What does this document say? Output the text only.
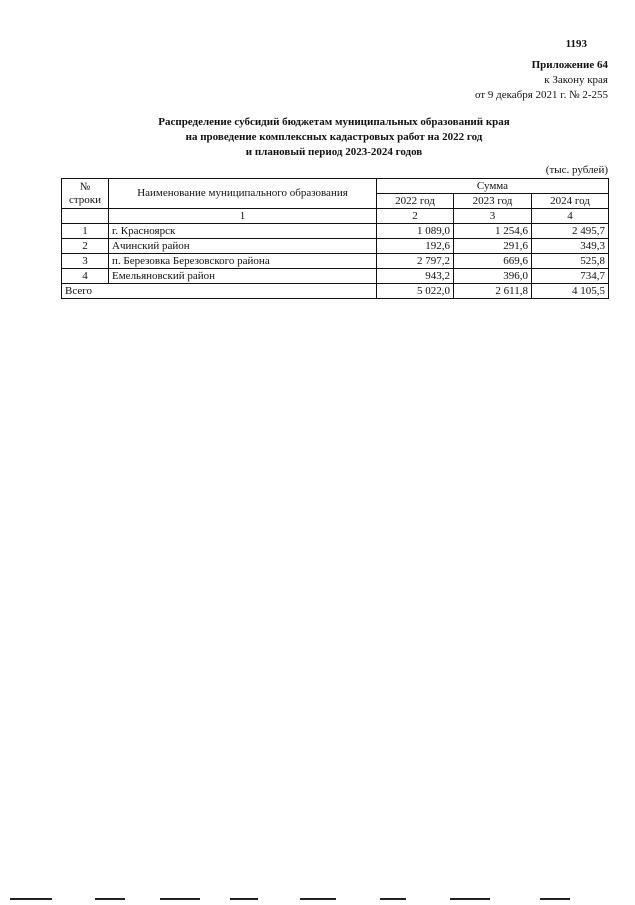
1193
Приложение 64
к Закону края
от 9 декабря 2021 г. № 2-255
Распределение субсидий бюджетам муниципальных образований края
на проведение комплексных кадастровых работ на 2022 год
и плановый период 2023-2024 годов
(тыс. рублей)
№
строки	Наименование муниципального образования	Сумма		
		2022 год	2023 год	2024 год
	1	2	3	4
1	г. Красноярск	1 089,0	1 254,6	2 495,7
2	Ачинский район	192,6	291,6	349,3
3	п. Березовка Березовского района	2 797,2	669,6	525,8
4	Емельяновский район	943,2	396,0	734,7
Всего		5 022,0	2 611,8	4 105,5
